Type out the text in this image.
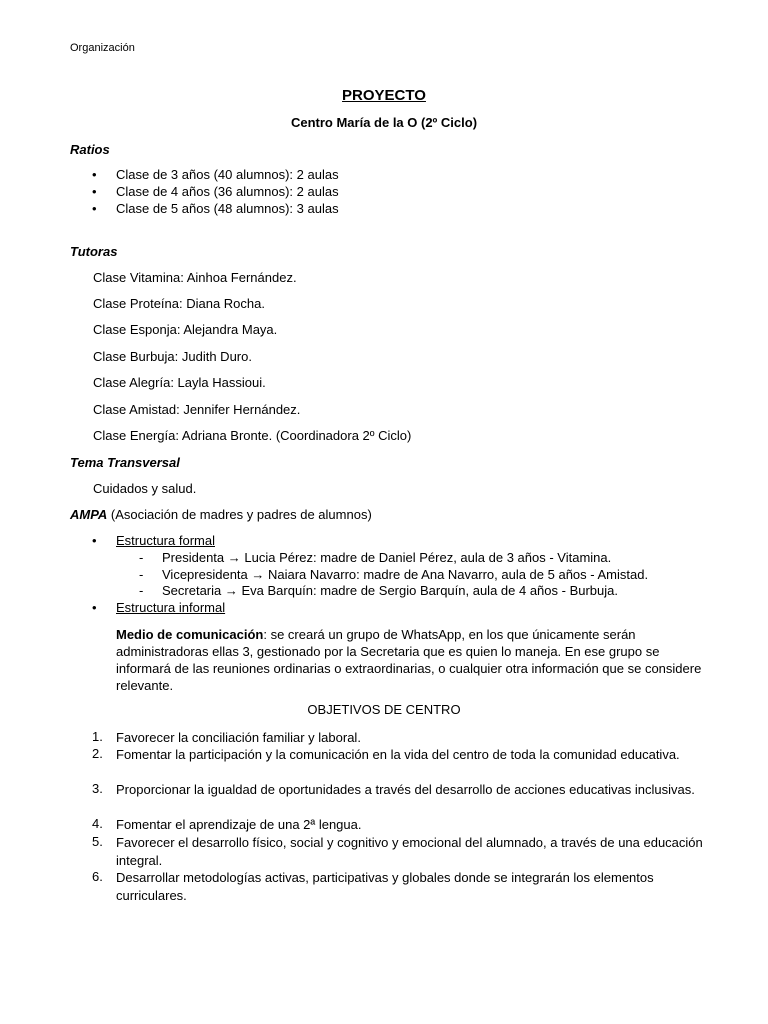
Organización
PROYECTO
Centro María de la O (2º Ciclo)
Ratios
• Clase de 3 años (40 alumnos): 2 aulas
• Clase de 4 años (36 alumnos): 2 aulas
• Clase de 5 años (48 alumnos): 3 aulas
Tutoras
Clase Vitamina: Ainhoa Fernández.
Clase Proteína: Diana Rocha.
Clase Esponja: Alejandra Maya.
Clase Burbuja: Judith Duro.
Clase Alegría: Layla Hassioui.
Clase Amistad: Jennifer Hernández.
Clase Energía: Adriana Bronte. (Coordinadora 2º Ciclo)
Tema Transversal
Cuidados y salud.
AMPA (Asociación de madres y padres de alumnos)
• Estructura formal
- Presidenta → Lucia Pérez: madre de Daniel Pérez, aula de 3 años - Vitamina.
- Vicepresidenta → Naiara Navarro: madre de Ana Navarro, aula de 5 años - Amistad.
- Secretaria → Eva Barquín: madre de Sergio Barquín, aula de 4 años - Burbuja.
• Estructura informal
Medio de comunicación: se creará un grupo de WhatsApp, en los que únicamente serán administradoras ellas 3, gestionado por la Secretaria que es quien lo maneja. En ese grupo se informará de las reuniones ordinarias o extraordinarias, o cualquier otra información que se considere relevante.
OBJETIVOS DE CENTRO
1. Favorecer la conciliación familiar y laboral.
2. Fomentar la participación y la comunicación en la vida del centro de toda la comunidad educativa.
3. Proporcionar la igualdad de oportunidades a través del desarrollo de acciones educativas inclusivas.
4. Fomentar el aprendizaje de una 2ª lengua.
5. Favorecer el desarrollo físico, social y cognitivo y emocional del alumnado, a través de una educación integral.
6. Desarrollar metodologías activas, participativas y globales donde se integrarán los elementos curriculares.
